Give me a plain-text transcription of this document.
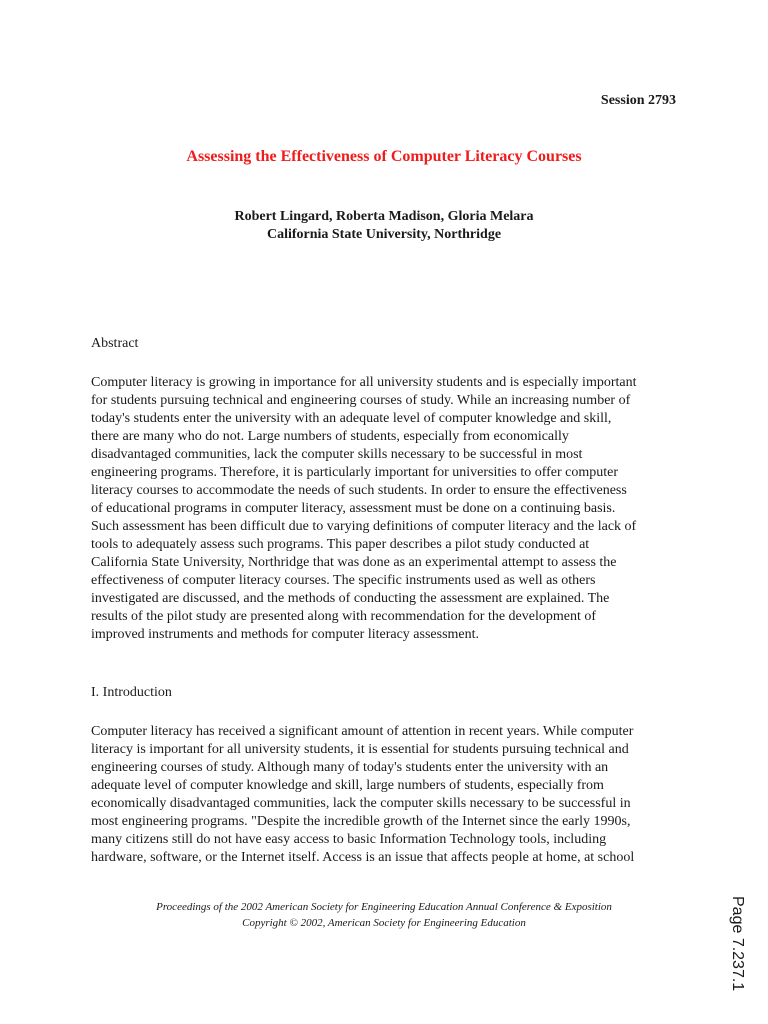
Session 2793
Assessing the Effectiveness of Computer Literacy Courses
Robert Lingard, Roberta Madison, Gloria Melara
California State University, Northridge
Abstract
Computer literacy is growing in importance for all university students and is especially important
for students pursuing technical and engineering courses of study. While an increasing number of
today's students enter the university with an adequate level of computer knowledge and skill,
there are many who do not. Large numbers of students, especially from economically
disadvantaged communities, lack the computer skills necessary to be successful in most
engineering programs. Therefore, it is particularly important for universities to offer computer
literacy courses to accommodate the needs of such students. In order to ensure the effectiveness
of educational programs in computer literacy, assessment must be done on a continuing basis.
Such assessment has been difficult due to varying definitions of computer literacy and the lack of
tools to adequately assess such programs. This paper describes a pilot study conducted at
California State University, Northridge that was done as an experimental attempt to assess the
effectiveness of computer literacy courses. The specific instruments used as well as others
investigated are discussed, and the methods of conducting the assessment are explained. The
results of the pilot study are presented along with recommendation for the development of
improved instruments and methods for computer literacy assessment.
I. Introduction
Computer literacy has received a significant amount of attention in recent years. While computer
literacy is important for all university students, it is essential for students pursuing technical and
engineering courses of study. Although many of today's students enter the university with an
adequate level of computer knowledge and skill, large numbers of students, especially from
economically disadvantaged communities, lack the computer skills necessary to be successful in
most engineering programs. "Despite the incredible growth of the Internet since the early 1990s,
many citizens still do not have easy access to basic Information Technology tools, including
hardware, software, or the Internet itself. Access is an issue that affects people at home, at school
Proceedings of the 2002 American Society for Engineering Education Annual Conference & Exposition
Copyright © 2002, American Society for Engineering Education	Page 7.237.1
